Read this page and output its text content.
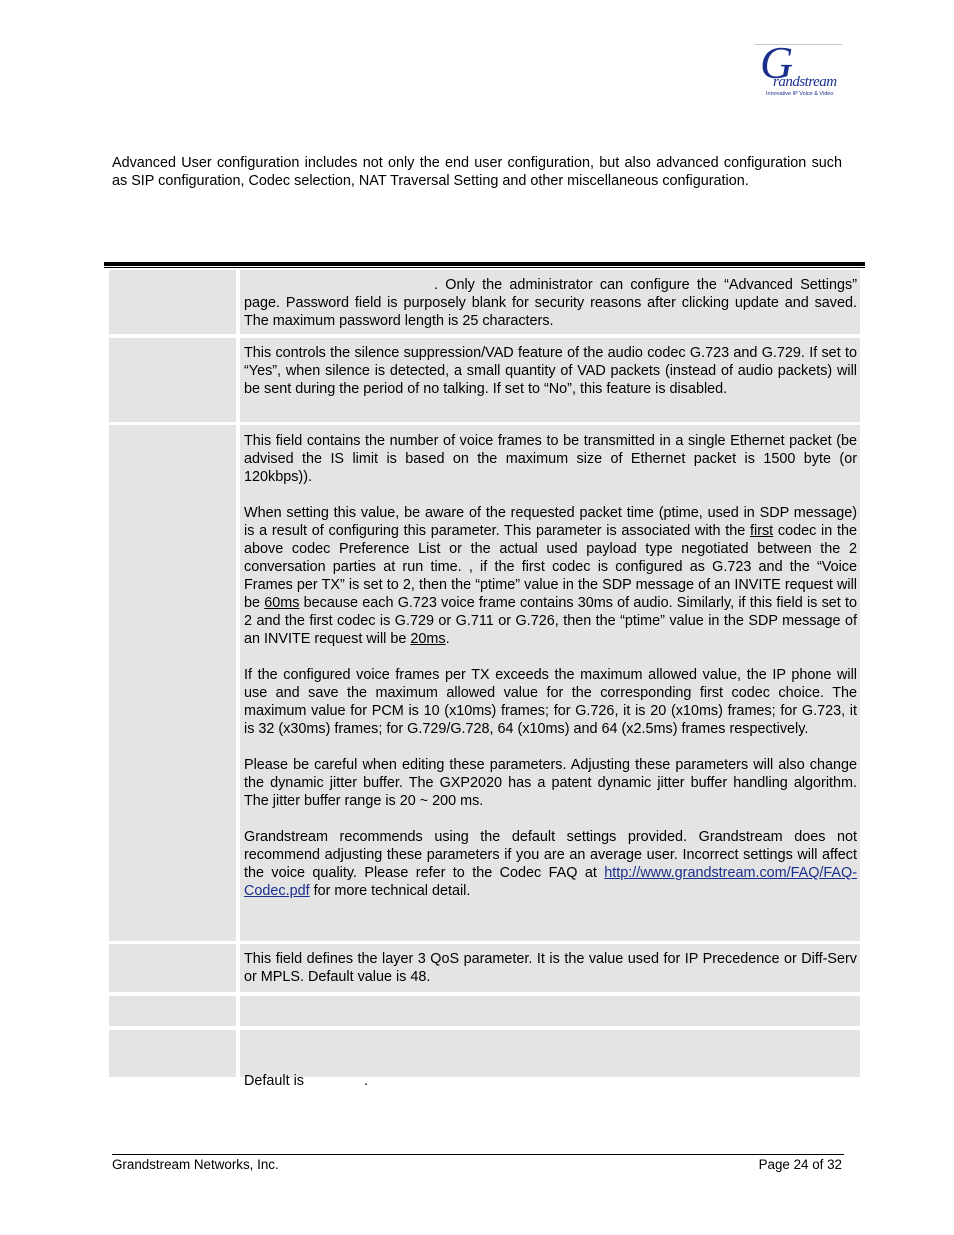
G
randstream
Innovative IP Voice & Video

Advanced User configuration includes not only the end user configuration, but also advanced configuration such as SIP configuration, Codec selection, NAT Traversal Setting and other miscellaneous configuration.

. Only the administrator can configure the “Advanced Settings” page. Password field is purposely blank for security reasons after clicking update and saved. The maximum password length is 25 characters.

This controls the silence suppression/VAD feature of the audio codec G.723 and G.729. If set to “Yes”, when silence is detected, a small quantity of VAD packets (instead of audio packets) will be sent during the period of no talking. If set to “No”, this feature is disabled.

This field contains the number of voice frames to be transmitted in a single Ethernet packet (be advised the IS limit is based on the maximum size of Ethernet packet is 1500 byte (or 120kbps)).

When setting this value, be aware of the requested packet time (ptime, used in SDP message) is a result of configuring this parameter. This parameter is associated with the first codec in the above codec Preference List or the actual used payload type negotiated between the 2 conversation parties at run time. , if the first codec is configured as G.723 and the “Voice Frames per TX” is set to 2, then the “ptime” value in the SDP message of an INVITE request will be 60ms because each G.723 voice frame contains 30ms of audio. Similarly, if this field is set to 2 and the first codec is G.729 or G.711 or G.726, then the “ptime” value in the SDP message of an INVITE request will be 20ms.

If the configured voice frames per TX exceeds the maximum allowed value, the IP phone will use and save the maximum allowed value for the corresponding first codec choice. The maximum value for PCM is 10 (x10ms) frames; for G.726, it is 20 (x10ms) frames; for G.723, it is 32 (x30ms) frames; for G.729/G.728, 64 (x10ms) and 64 (x2.5ms) frames respectively.

Please be careful when editing these parameters. Adjusting these parameters will also change the dynamic jitter buffer. The GXP2020 has a patent dynamic jitter buffer handling algorithm. The jitter buffer range is 20 ~ 200 ms.

Grandstream recommends using the default settings provided. Grandstream does not recommend adjusting these parameters if you are an average user. Incorrect settings will affect the voice quality. Please refer to the Codec FAQ at http://www.grandstream.com/FAQ/FAQ-Codec.pdf for more technical detail.

This field defines the layer 3 QoS parameter. It is the value used for IP Precedence or Diff-Serv or MPLS. Default value is 48.

Default is               .

Grandstream Networks, Inc.	Page 24 of 32
